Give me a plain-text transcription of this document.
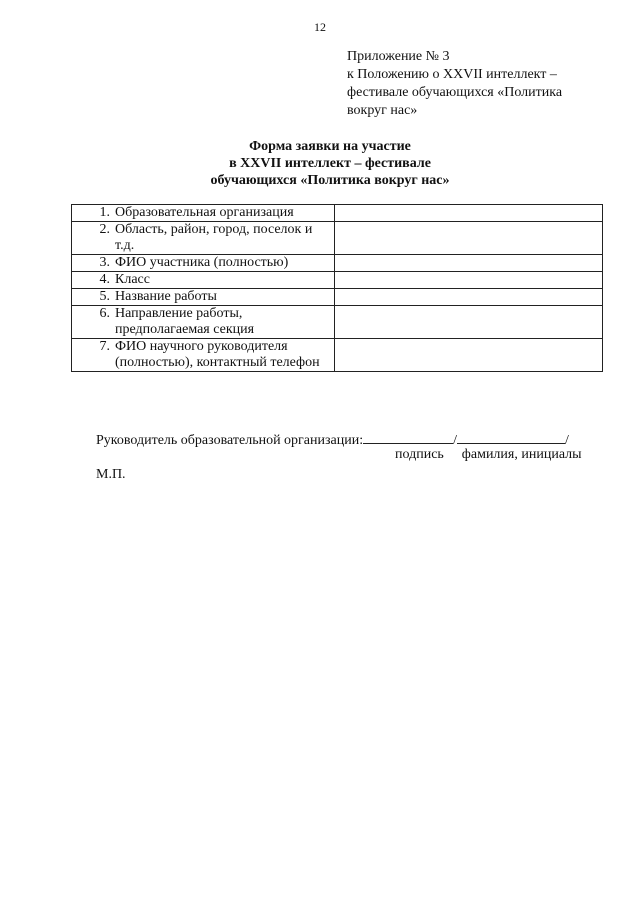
12
Приложение № 3
к Положению о XXVII интеллект –
фестивале обучающихся «Политика
вокруг нас»
Форма заявки на участие
в XXVII интеллект – фестивале
обучающихся «Политика вокруг нас»
1. Образовательная организация	

2. Область, район, город, поселок и т.д.	

3. ФИО участника (полностью)	

4. Класс	

5. Название работы	

6. Направление работы, предполагаемая секция	

7. ФИО научного руководителя (полностью), контактный телефон	

Руководитель образовательной организации:	/	/
подпись фамилия, инициалы
М.П.
